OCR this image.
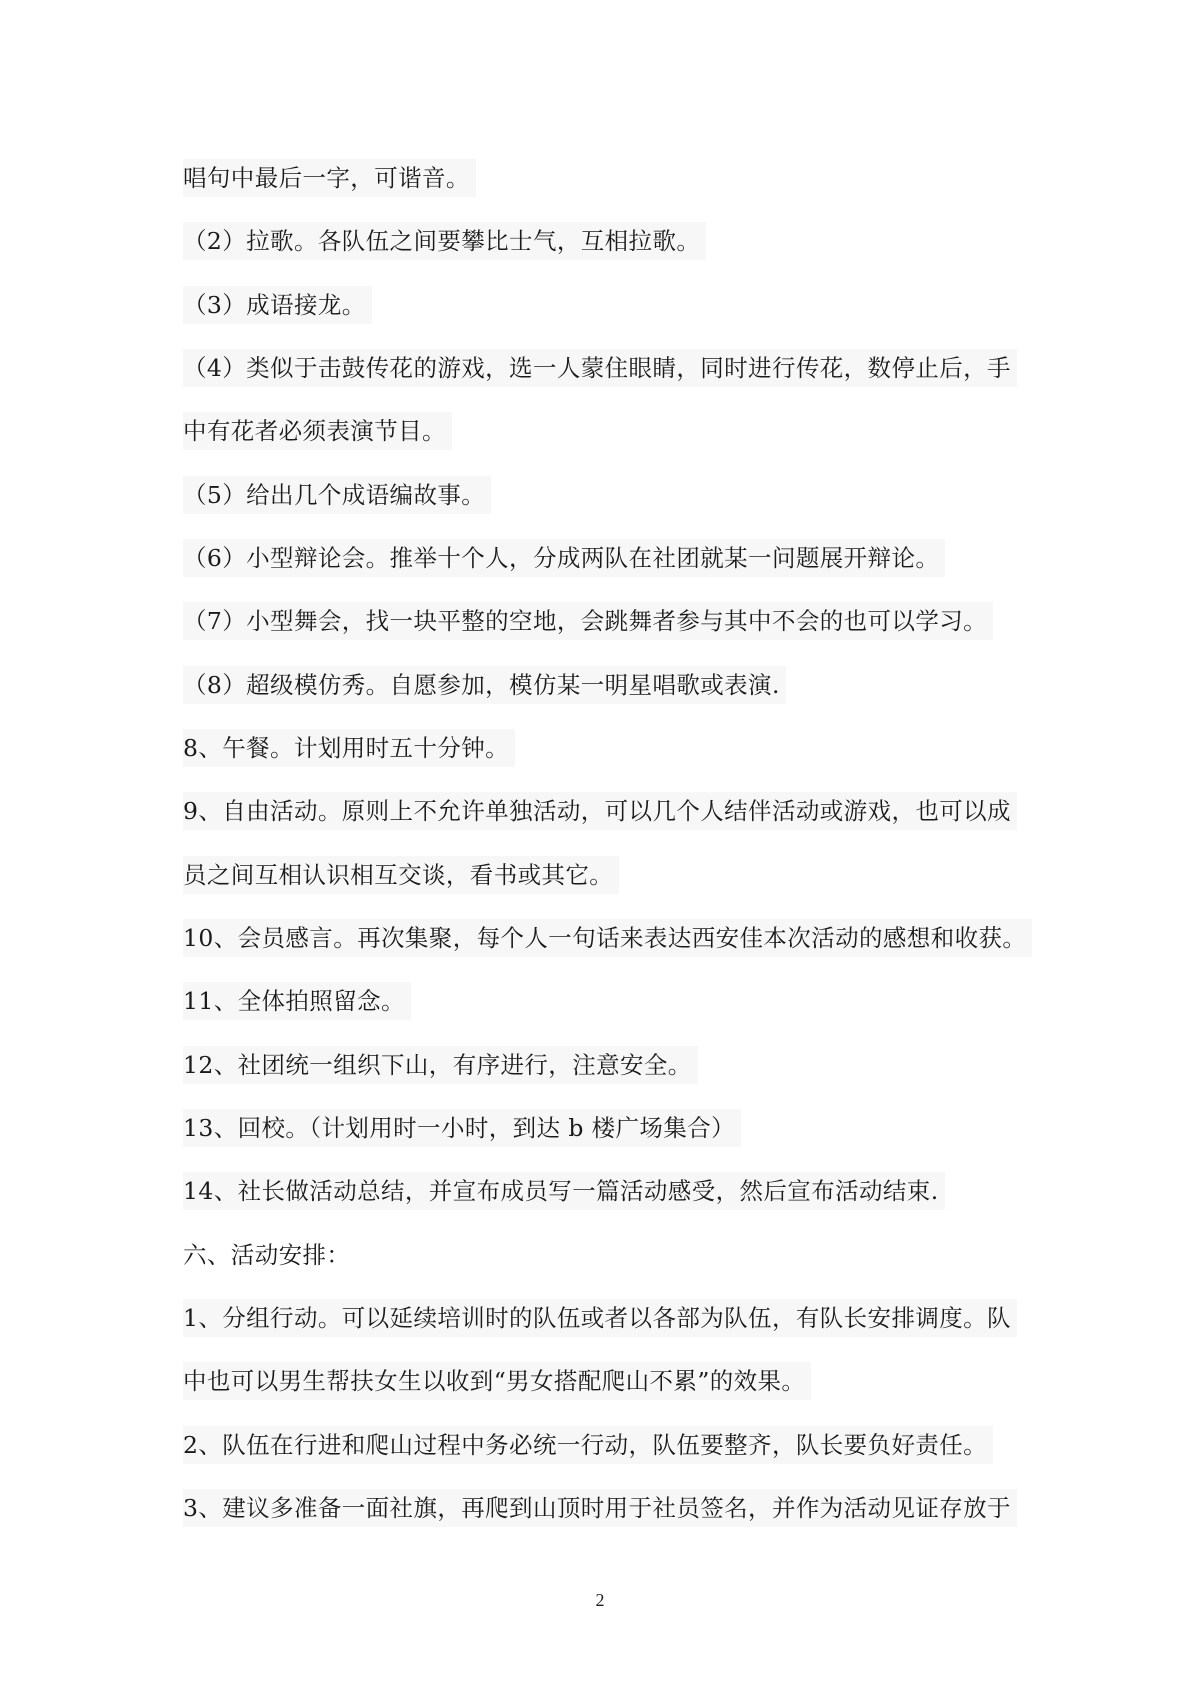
唱句中最后一字，可谐音。
（2）拉歌。各队伍之间要攀比士气，互相拉歌。
（3）成语接龙。
（4）类似于击鼓传花的游戏，选一人蒙住眼睛，同时进行传花，数停止后，手
中有花者必须表演节目。
（5）给出几个成语编故事。
（6）小型辩论会。推举十个人，分成两队在社团就某一问题展开辩论。
（7）小型舞会，找一块平整的空地，会跳舞者参与其中不会的也可以学习。
（8）超级模仿秀。自愿参加，模仿某一明星唱歌或表演.
8、午餐。计划用时五十分钟。
9、自由活动。原则上不允许单独活动，可以几个人结伴活动或游戏，也可以成
员之间互相认识相互交谈，看书或其它。
10、会员感言。再次集聚，每个人一句话来表达西安佳本次活动的感想和收获。
11、全体拍照留念。
12、社团统一组织下山，有序进行，注意安全。
13、回校。（计划用时一小时，到达 b 楼广场集合）
14、社长做活动总结，并宣布成员写一篇活动感受，然后宣布活动结束.
六、活动安排：
1、分组行动。可以延续培训时的队伍或者以各部为队伍，有队长安排调度。队
中也可以男生帮扶女生以收到“男女搭配爬山不累”的效果。
2、队伍在行进和爬山过程中务必统一行动，队伍要整齐，队长要负好责任。
3、建议多准备一面社旗，再爬到山顶时用于社员签名，并作为活动见证存放于
2
